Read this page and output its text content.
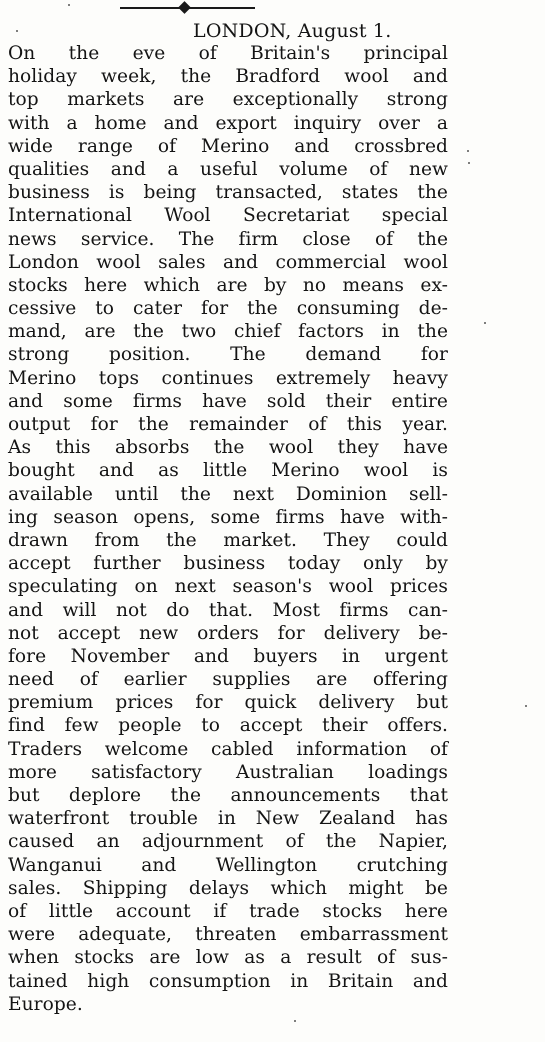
LONDON, August 1.
On the eve of Britain's principal
holiday week, the Bradford wool and
top markets are exceptionally strong
with a home and export inquiry over a
wide range of Merino and crossbred
qualities and a useful volume of new
business is being transacted, states the
International Wool Secretariat special
news service. The firm close of the
London wool sales and commercial wool
stocks here which are by no means ex-
cessive to cater for the consuming de-
mand, are the two chief factors in the
strong position. The demand for
Merino tops continues extremely heavy
and some firms have sold their entire
output for the remainder of this year.
As this absorbs the wool they have
bought and as little Merino wool is
available until the next Dominion sell-
ing season opens, some firms have with-
drawn from the market. They could
accept further business today only by
speculating on next season's wool prices
and will not do that. Most firms can-
not accept new orders for delivery be-
fore November and buyers in urgent
need of earlier supplies are offering
premium prices for quick delivery but
find few people to accept their offers.
Traders welcome cabled information of
more satisfactory Australian loadings
but deplore the announcements that
waterfront trouble in New Zealand has
caused an adjournment of the Napier,
Wanganui and Wellington crutching
sales. Shipping delays which might be
of little account if trade stocks here
were adequate, threaten embarrassment
when stocks are low as a result of sus-
tained high consumption in Britain and
Europe.
